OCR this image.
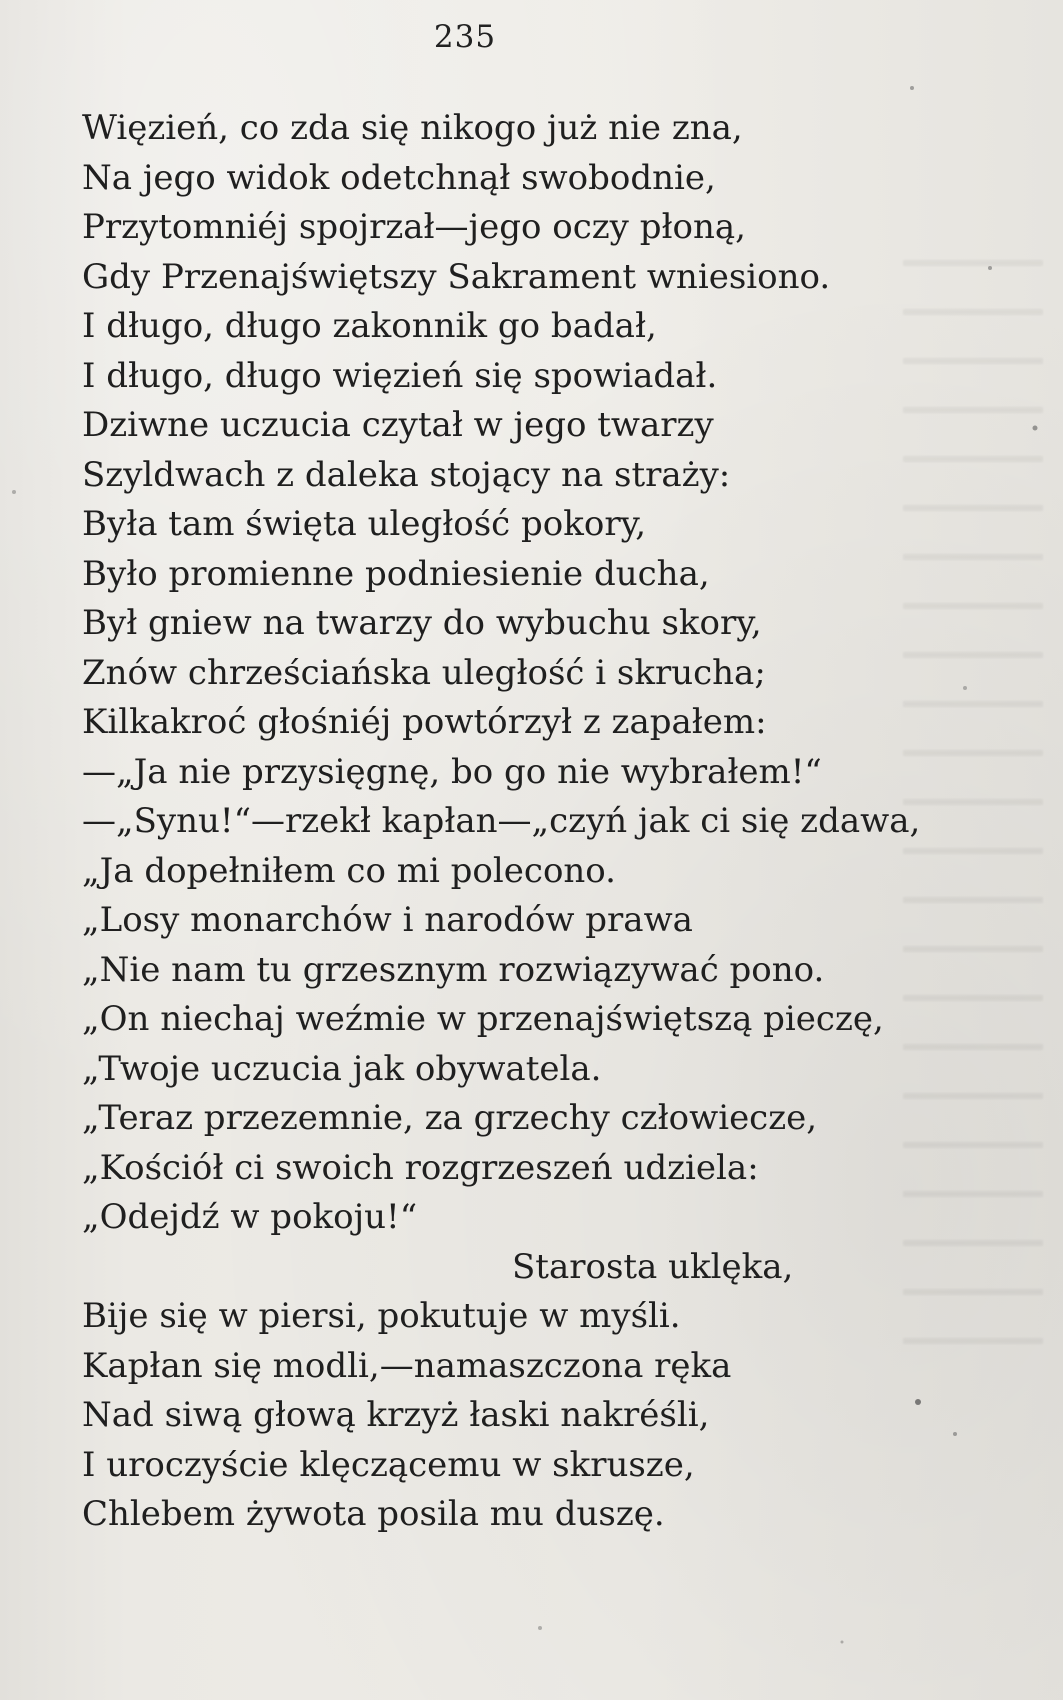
235
Więzień, co zda się nikogo już nie zna,
Na jego widok odetchnął swobodnie,
Przytomniéj spojrzał—jego oczy płoną,
Gdy Przenajświętszy Sakrament wniesiono.
I długo, długo zakonnik go badał,
I długo, długo więzień się spowiadał.
Dziwne uczucia czytał w jego twarzy
Szyldwach z daleka stojący na straży:
Była tam święta uległość pokory,
Było promienne podniesienie ducha,
Był gniew na twarzy do wybuchu skory,
Znów chrześciańska uległość i skrucha;
Kilkakroć głośniéj powtórzył z zapałem:
—„Ja nie przysięgnę, bo go nie wybrałem!“
—„Synu!“—rzekł kapłan—„czyń jak ci się zdawa,
„Ja dopełniłem co mi polecono.
„Losy monarchów i narodów prawa
„Nie nam tu grzesznym rozwiązywać pono.
„On niechaj weźmie w przenajświętszą pieczę,
„Twoje uczucia jak obywatela.
„Teraz przezemnie, za grzechy człowiecze,
„Kościół ci swoich rozgrzeszeń udziela:
„Odejdź w pokoju!“
Starosta uklęka,
Bije się w piersi, pokutuje w myśli.
Kapłan się modli,—namaszczona ręka
Nad siwą głową krzyż łaski nakréśli,
I uroczyście klęczącemu w skrusze,
Chlebem żywota posila mu duszę.
